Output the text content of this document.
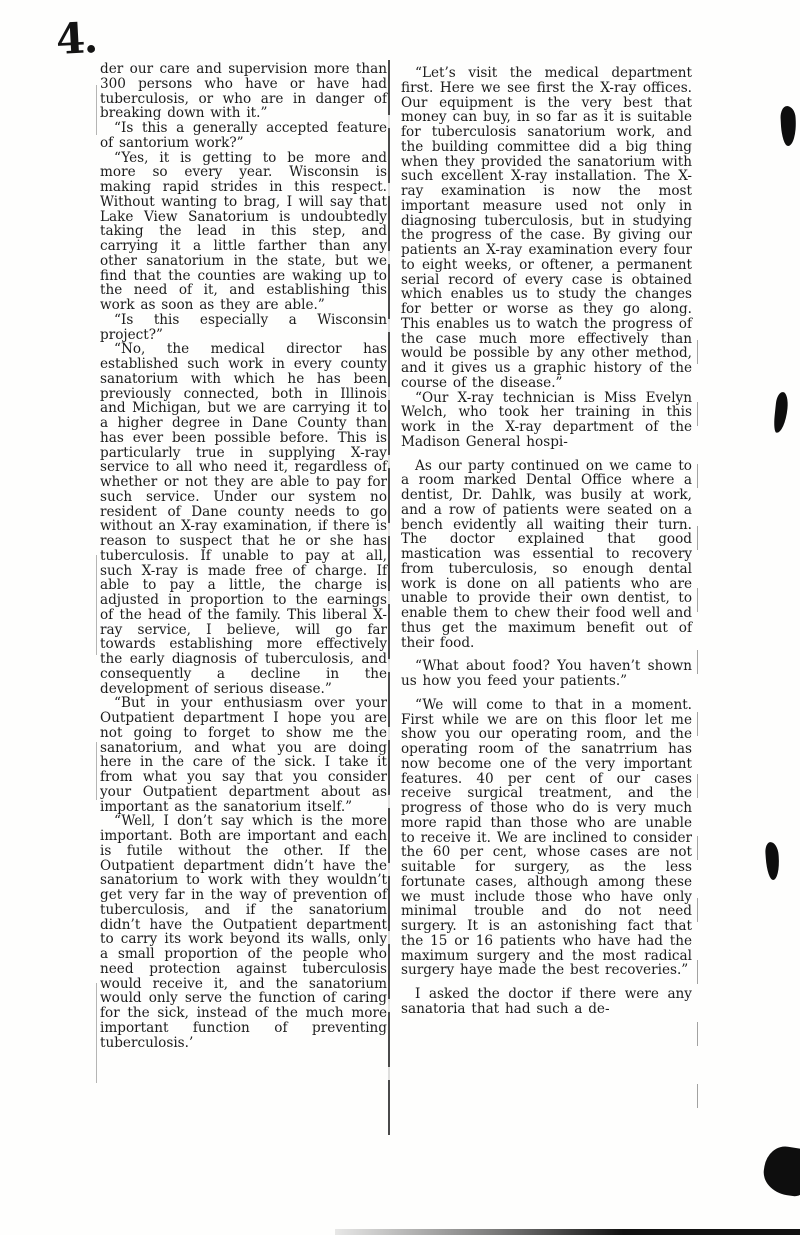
4.

der our care and supervision more than 300 persons who have or have had tuberculosis, or who are in danger of breaking down with it.”

“Is this a generally accepted feature of santorium work?”

“Yes, it is getting to be more and more so every year. Wisconsin is making rapid strides in this respect. Without wanting to brag, I will say that Lake View Sanatorium is undoubtedly taking the lead in this step, and carrying it a little farther than any other sanatorium in the state, but we find that the counties are waking up to the need of it, and establishing this work as soon as they are able.”

“Is this especially a Wisconsin project?”

“No, the medical director has established such work in every county sanatorium with which he has been previously connected, both in Illinois and Michigan, but we are carrying it to a higher degree in Dane County than has ever been possible before. This is particularly true in supplying X-ray service to all who need it, regardless of whether or not they are able to pay for such service. Under our system no resident of Dane county needs to go without an X-ray examination, if there is reason to suspect that he or she has tuberculosis. If unable to pay at all, such X-ray is made free of charge. If able to pay a little, the charge is adjusted in proportion to the earnings of the head of the family. This liberal X-ray service, I believe, will go far towards establishing more effectively the early diagnosis of tuberculosis, and consequently a decline in the development of serious disease.”

“But in your enthusiasm over your Outpatient department I hope you are not going to forget to show me the sanatorium, and what you are doing here in the care of the sick. I take it from what you say that you consider your Outpatient department about as important as the sanatorium itself.”

“Well, I don’t say which is the more important. Both are important and each is futile without the other. If the Outpatient department didn’t have the sanatorium to work with they wouldn’t get very far in the way of prevention of tuberculosis, and if the sanatorium didn’t have the Outpatient department to carry its work beyond its walls, only a small proportion of the people who need protection against tuberculosis would receive it, and the sanatorium would only serve the function of caring for the sick, instead of the much more important function of preventing tuberculosis.’

“Let’s visit the medical department first. Here we see first the X-ray offices. Our equipment is the very best that money can buy, in so far as it is suitable for tuberculosis sanatorium work, and the building committee did a big thing when they provided the sanatorium with such excellent X-ray installation. The X-ray examination is now the most important measure used not only in diagnosing tuberculosis, but in studying the progress of the case. By giving our patients an X-ray examination every four to eight weeks, or oftener, a permanent serial record of every case is obtained which enables us to study the changes for better or worse as they go along. This enables us to watch the progress of the case much more effectively than would be possible by any other method, and it gives us a graphic history of the course of the disease.”

“Our X-ray technician is Miss Evelyn Welch, who took her training in this work in the X-ray department of the Madison General hospi-

As our party continued on we came to a room marked Dental Office where a dentist, Dr. Dahlk, was busily at work, and a row of patients were seated on a bench evidently all waiting their turn. The doctor explained that good mastication was essential to recovery from tuberculosis, so enough dental work is done on all patients who are unable to provide their own dentist, to enable them to chew their food well and thus get the maximum benefit out of their food.

“What about food? You haven’t shown us how you feed your patients.”

“We will come to that in a moment. First while we are on this floor let me show you our operating room, and the operating room of the sanatrrium has now become one of the very important features. 40 per cent of our cases receive surgical treatment, and the progress of those who do is very much more rapid than those who are unable to receive it. We are inclined to consider the 60 per cent, whose cases are not suitable for surgery, as the less fortunate cases, although among these we must include those who have only minimal trouble and do not need surgery. It is an astonishing fact that the 15 or 16 patients who have had the maximum surgery and the most radical surgery haye made the best recoveries.”

I asked the doctor if there were any sanatoria that had such a de-
